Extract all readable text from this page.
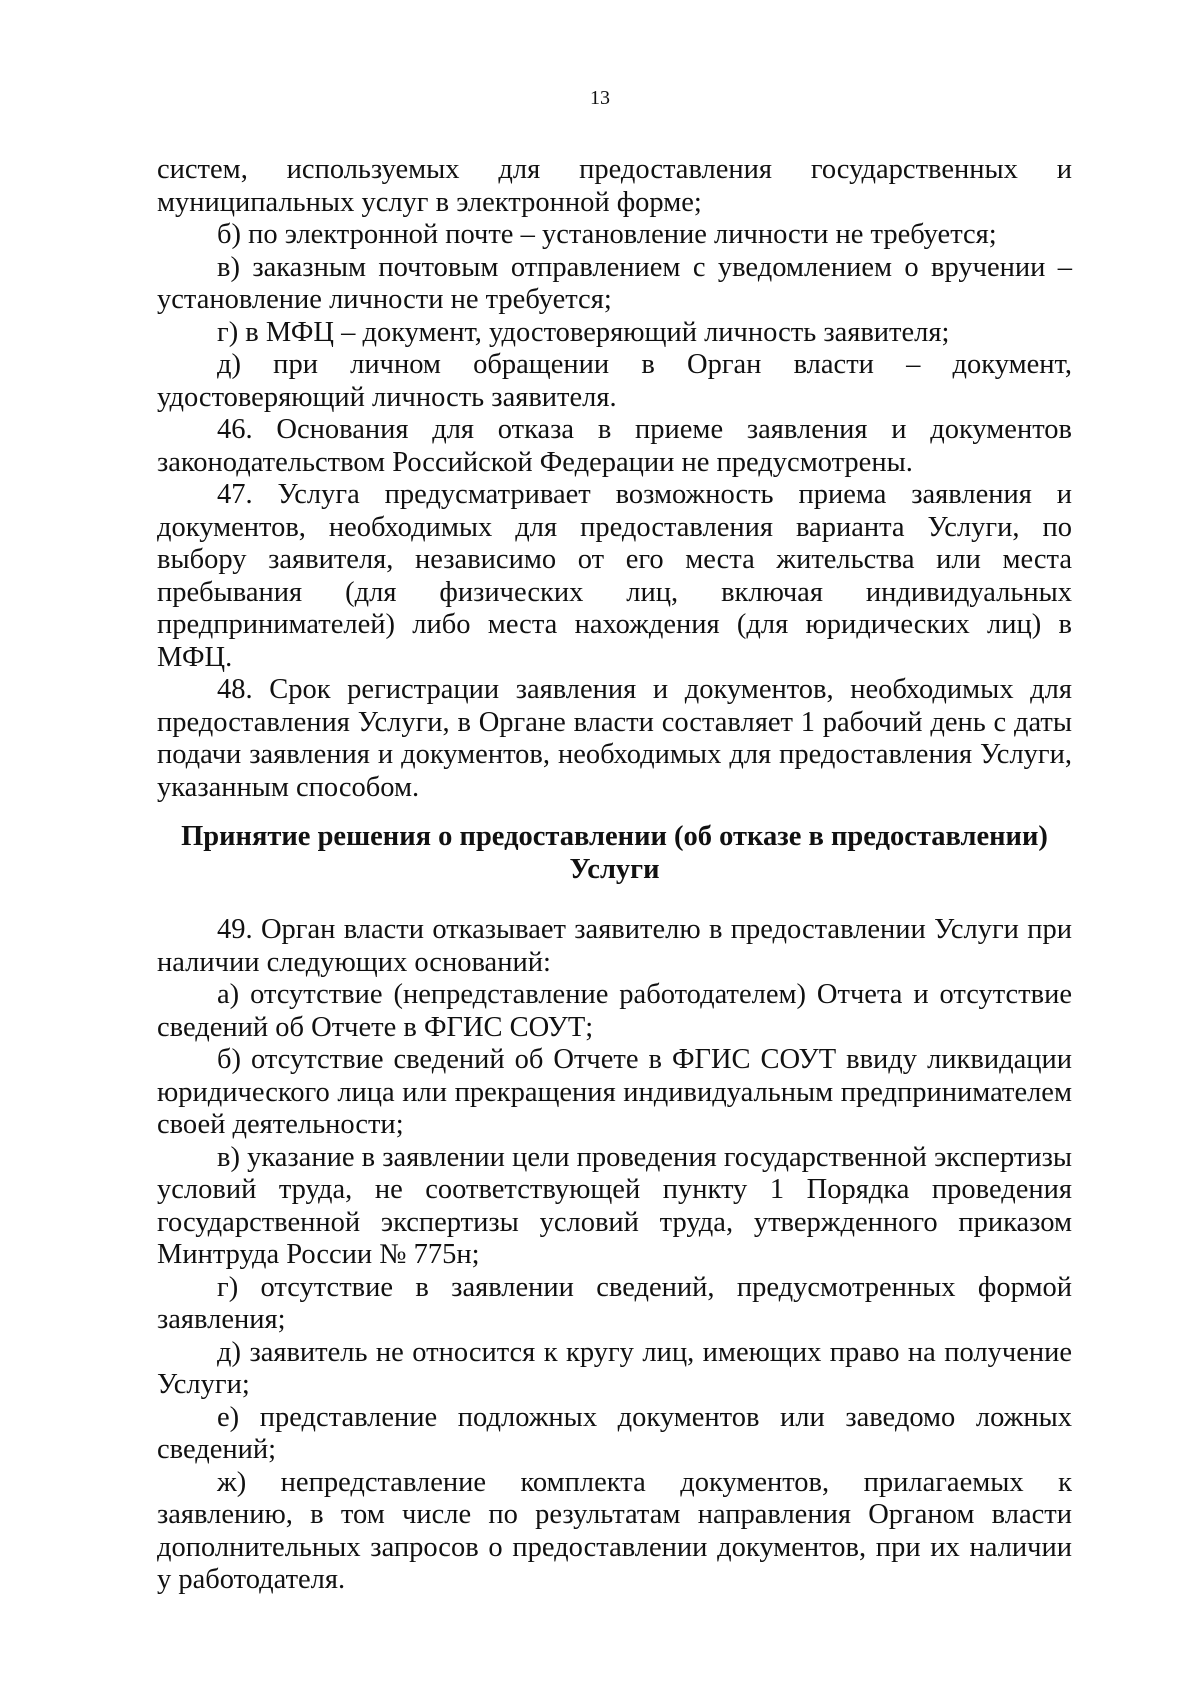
13

систем, используемых для предоставления государственных и муниципальных услуг в электронной форме;

б) по электронной почте – установление личности не требуется;

в) заказным почтовым отправлением с уведомлением о вручении – установление личности не требуется;

г) в МФЦ – документ, удостоверяющий личность заявителя;

д) при личном обращении в Орган власти – документ, удостоверяющий личность заявителя.

46. Основания для отказа в приеме заявления и документов законодательством Российской Федерации не предусмотрены.

47. Услуга предусматривает возможность приема заявления и документов, необходимых для предоставления варианта Услуги, по выбору заявителя, независимо от его места жительства или места пребывания (для физических лиц, включая индивидуальных предпринимателей) либо места нахождения (для юридических лиц) в МФЦ.

48. Срок регистрации заявления и документов, необходимых для предоставления Услуги, в Органе власти составляет 1 рабочий день с даты подачи заявления и документов, необходимых для предоставления Услуги, указанным способом.

Принятие решения о предоставлении (об отказе в предоставлении)
Услуги

49. Орган власти отказывает заявителю в предоставлении Услуги при наличии следующих оснований:

а) отсутствие (непредставление работодателем) Отчета и отсутствие сведений об Отчете в ФГИС СОУТ;

б) отсутствие сведений об Отчете в ФГИС СОУТ ввиду ликвидации юридического лица или прекращения индивидуальным предпринимателем своей деятельности;

в) указание в заявлении цели проведения государственной экспертизы условий труда, не соответствующей пункту 1 Порядка проведения государственной экспертизы условий труда, утвержденного приказом Минтруда России № 775н;

г) отсутствие в заявлении сведений, предусмотренных формой заявления;

д) заявитель не относится к кругу лиц, имеющих право на получение Услуги;

е) представление подложных документов или заведомо ложных сведений;

ж) непредставление комплекта документов, прилагаемых к заявлению, в том числе по результатам направления Органом власти дополнительных запросов о предоставлении документов, при их наличии у работодателя.
